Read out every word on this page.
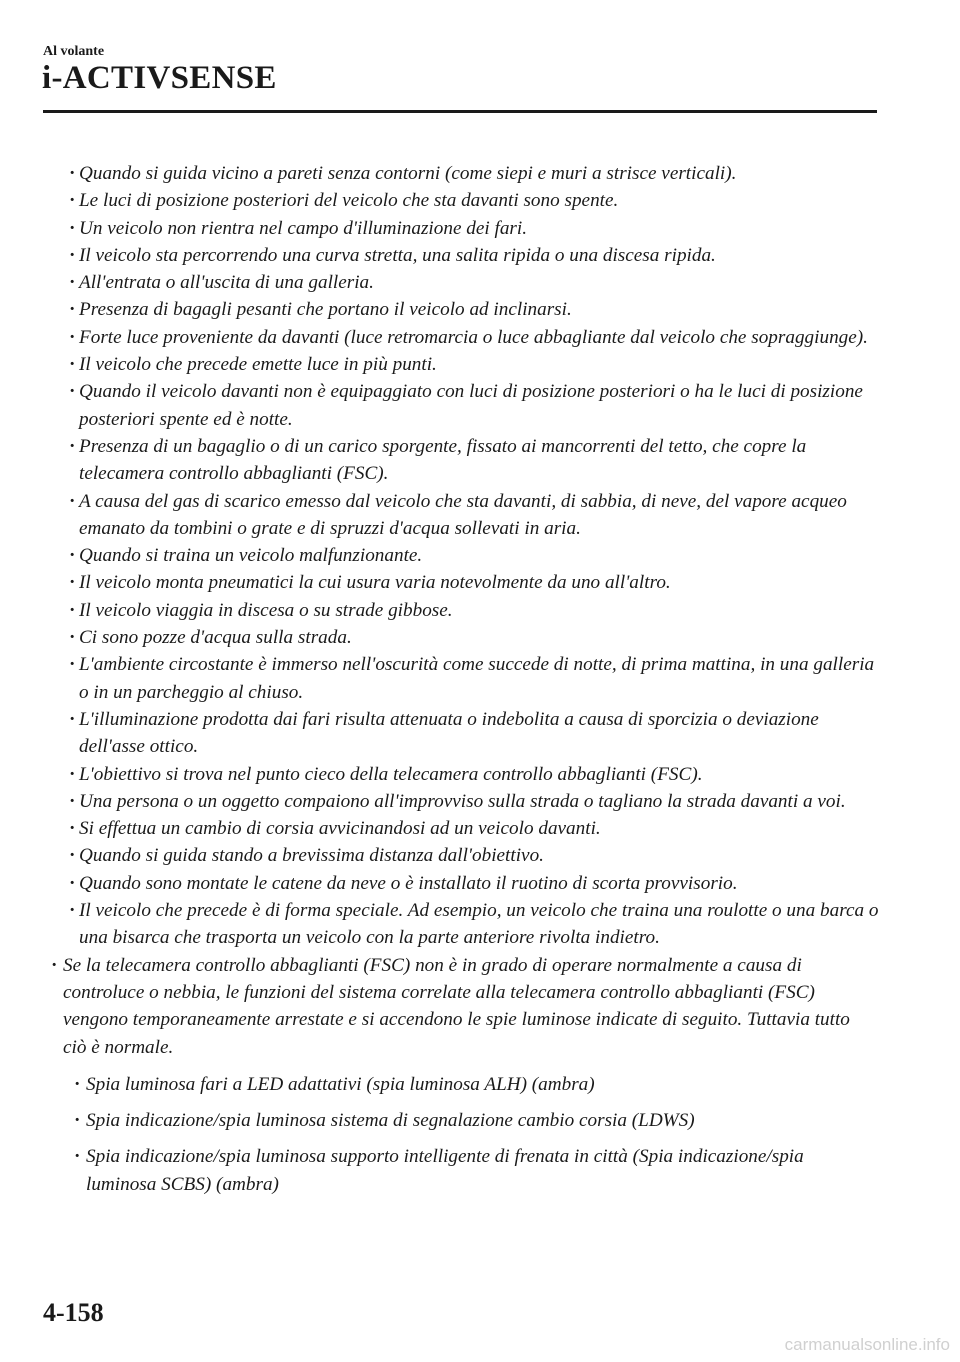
Al volante
i-ACTIVSENSE
· Quando si guida vicino a pareti senza contorni (come siepi e muri a strisce verticali).
· Le luci di posizione posteriori del veicolo che sta davanti sono spente.
· Un veicolo non rientra nel campo d'illuminazione dei fari.
· Il veicolo sta percorrendo una curva stretta, una salita ripida o una discesa ripida.
· All'entrata o all'uscita di una galleria.
· Presenza di bagagli pesanti che portano il veicolo ad inclinarsi.
· Forte luce proveniente da davanti (luce retromarcia o luce abbagliante dal veicolo che sopraggiunge).
· Il veicolo che precede emette luce in più punti.
· Quando il veicolo davanti non è equipaggiato con luci di posizione posteriori o ha le luci di posizione posteriori spente ed è notte.
· Presenza di un bagaglio o di un carico sporgente, fissato ai mancorrenti del tetto, che copre la telecamera controllo abbaglianti (FSC).
· A causa del gas di scarico emesso dal veicolo che sta davanti, di sabbia, di neve, del vapore acqueo emanato da tombini o grate e di spruzzi d'acqua sollevati in aria.
· Quando si traina un veicolo malfunzionante.
· Il veicolo monta pneumatici la cui usura varia notevolmente da uno all'altro.
· Il veicolo viaggia in discesa o su strade gibbose.
· Ci sono pozze d'acqua sulla strada.
· L'ambiente circostante è immerso nell'oscurità come succede di notte, di prima mattina, in una galleria o in un parcheggio al chiuso.
· L'illuminazione prodotta dai fari risulta attenuata o indebolita a causa di sporcizia o deviazione dell'asse ottico.
· L'obiettivo si trova nel punto cieco della telecamera controllo abbaglianti (FSC).
· Una persona o un oggetto compaiono all'improvviso sulla strada o tagliano la strada davanti a voi.
· Si effettua un cambio di corsia avvicinandosi ad un veicolo davanti.
· Quando si guida stando a brevissima distanza dall'obiettivo.
· Quando sono montate le catene da neve o è installato il ruotino di scorta provvisorio.
· Il veicolo che precede è di forma speciale. Ad esempio, un veicolo che traina una roulotte o una barca o una bisarca che trasporta un veicolo con la parte anteriore rivolta indietro.
· Se la telecamera controllo abbaglianti (FSC) non è in grado di operare normalmente a causa di controluce o nebbia, le funzioni del sistema correlate alla telecamera controllo abbaglianti (FSC) vengono temporaneamente arrestate e si accendono le spie luminose indicate di seguito. Tuttavia tutto ciò è normale.
· Spia luminosa fari a LED adattativi (spia luminosa ALH) (ambra)
· Spia indicazione/spia luminosa sistema di segnalazione cambio corsia (LDWS)
· Spia indicazione/spia luminosa supporto intelligente di frenata in città (Spia indicazione/spia luminosa SCBS) (ambra)
4-158
carmanualsonline.info
